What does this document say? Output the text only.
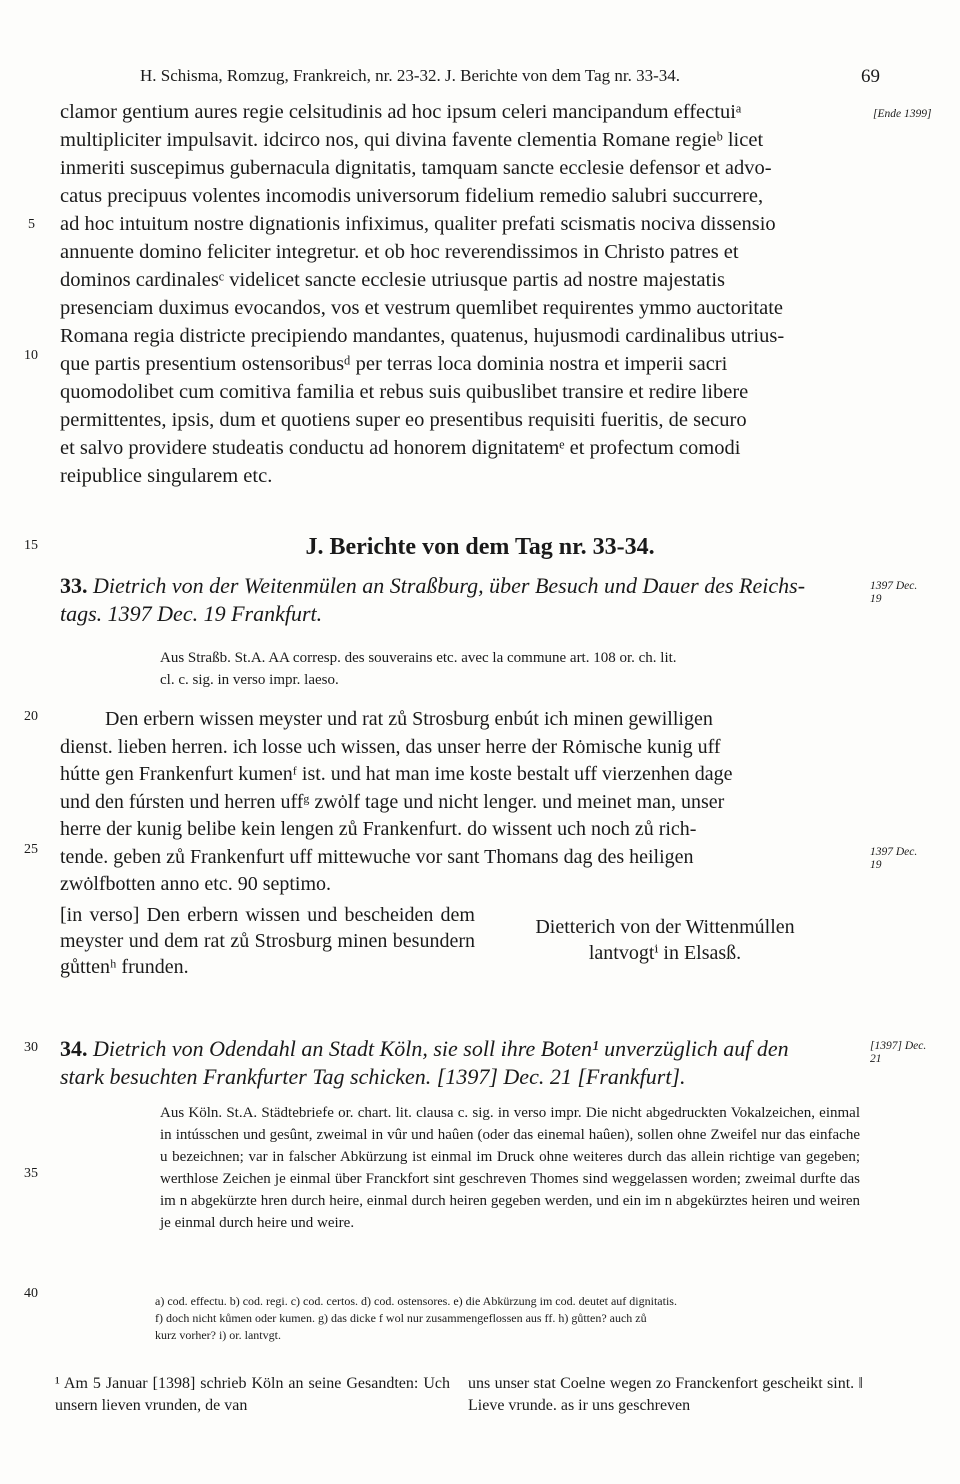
H. Schisma, Romzug, Frankreich, nr. 23-32. J. Berichte von dem Tag nr. 33-34.	69
5
10
15
20
25
30
35
40
[Ende 1399]
1397 Dec. 19
1397 Dec. 19
[1397] Dec. 21

clamor gentium aures regie celsitudinis ad hoc ipsum celeri mancipandum effectuiᵃ

multipliciter impulsavit. idcirco nos, qui divina favente clementia Romane regieᵇ licet

inmeriti suscepimus gubernacula dignitatis, tamquam sancte ecclesie defensor et advo-

catus precipuus volentes incomodis universorum fidelium remedio salubri succurrere,

ad hoc intuitum nostre dignationis infiximus, qualiter prefati scismatis nociva dissensio

annuente domino feliciter integretur. et ob hoc reverendissimos in Christo patres et

dominos cardinalesᶜ videlicet sancte ecclesie utriusque partis ad nostre majestatis

presenciam duximus evocandos, vos et vestrum quemlibet requirentes ymmo auctoritate

Romana regia districte precipiendo mandantes, quatenus, hujusmodi cardinalibus utrius-

que partis presentium ostensoribusᵈ per terras loca dominia nostra et imperii sacri

quomodolibet cum comitiva familia et rebus suis quibuslibet transire et redire libere

permittentes, ipsis, dum et quotiens super eo presentibus requisiti fueritis, de securo

et salvo providere studeatis conductu ad honorem dignitatemᵉ et profectum comodi

reipublice singularem etc.

J. Berichte von dem Tag nr. 33-34.
33. Dietrich von der Weitenmülen an Straßburg, über Besuch und Dauer des Reichs-
tags. 1397 Dec. 19 Frankfurt.
Aus Straßb. St.A. AA corresp. des souverains etc. avec la commune art. 108 or. ch. lit.
cl. c. sig. in verso impr. laeso.

Den erbern wissen meyster und rat zů Strosburg enbút ich minen gewilligen

dienst. lieben herren. ich losse uch wissen, das unser herre der Rȯmische kunig uff

hútte gen Frankenfurt kumenᶠ ist. und hat man ime koste bestalt uff vierzenhen dage

und den fúrsten und herren uffᵍ zwȯlf tage und nicht lenger. und meinet man, unser

herre der kunig belibe kein lengen zů Frankenfurt. do wissent uch noch zů rich-

tende. geben zů Frankenfurt uff mittewuche vor sant Thomans dag des heiligen

zwȯlfbotten anno etc. 90 septimo.

[in verso] Den erbern wissen und bescheiden dem meyster und dem rat zů Strosburg minen besundern gůttenʰ frunden.
Dietterich von der Wittenmúllen
lantvogtⁱ in Elsasß.
34. Dietrich von Odendahl an Stadt Köln, sie soll ihre Boten¹ unverzüglich auf den
stark besuchten Frankfurter Tag schicken. [1397] Dec. 21 [Frankfurt].
Aus Köln. St.A. Städtebriefe or. chart. lit. clausa c. sig. in verso impr. Die nicht abgedruckten Vokalzeichen, einmal in intússchen und gesûnt, zweimal in vûr und haûen (oder das einemal haûen), sollen ohne Zweifel nur das einfache u bezeichnen; var in falscher Abkürzung ist einmal im Druck ohne weiteres durch das allein richtige van gegeben; werthlose Zeichen je einmal über Franckfort sint geschreven Thomes sind weggelassen worden; zweimal durfte das im n abgekürzte hren durch heire, einmal durch heiren gegeben werden, und ein im n abgekürztes heiren und weiren je einmal durch heire und weire.
a) cod. effectu. b) cod. regi. c) cod. certos. d) cod. ostensores. e) die Abkürzung im cod. deutet auf dignitatis.
f) doch nicht kůmen oder kumen. g) das dicke f wol nur zusammengeflossen aus ff. h) gůtten? auch zů
kurz vorher? i) or. lantvgt.
¹ Am 5 Januar [1398] schrieb Köln an seine Gesandten: Uch unsern lieven vrunden, de van
uns unser stat Coelne wegen zo Franckenfort gescheikt sint. ‖ Lieve vrunde. as ir uns geschreven
